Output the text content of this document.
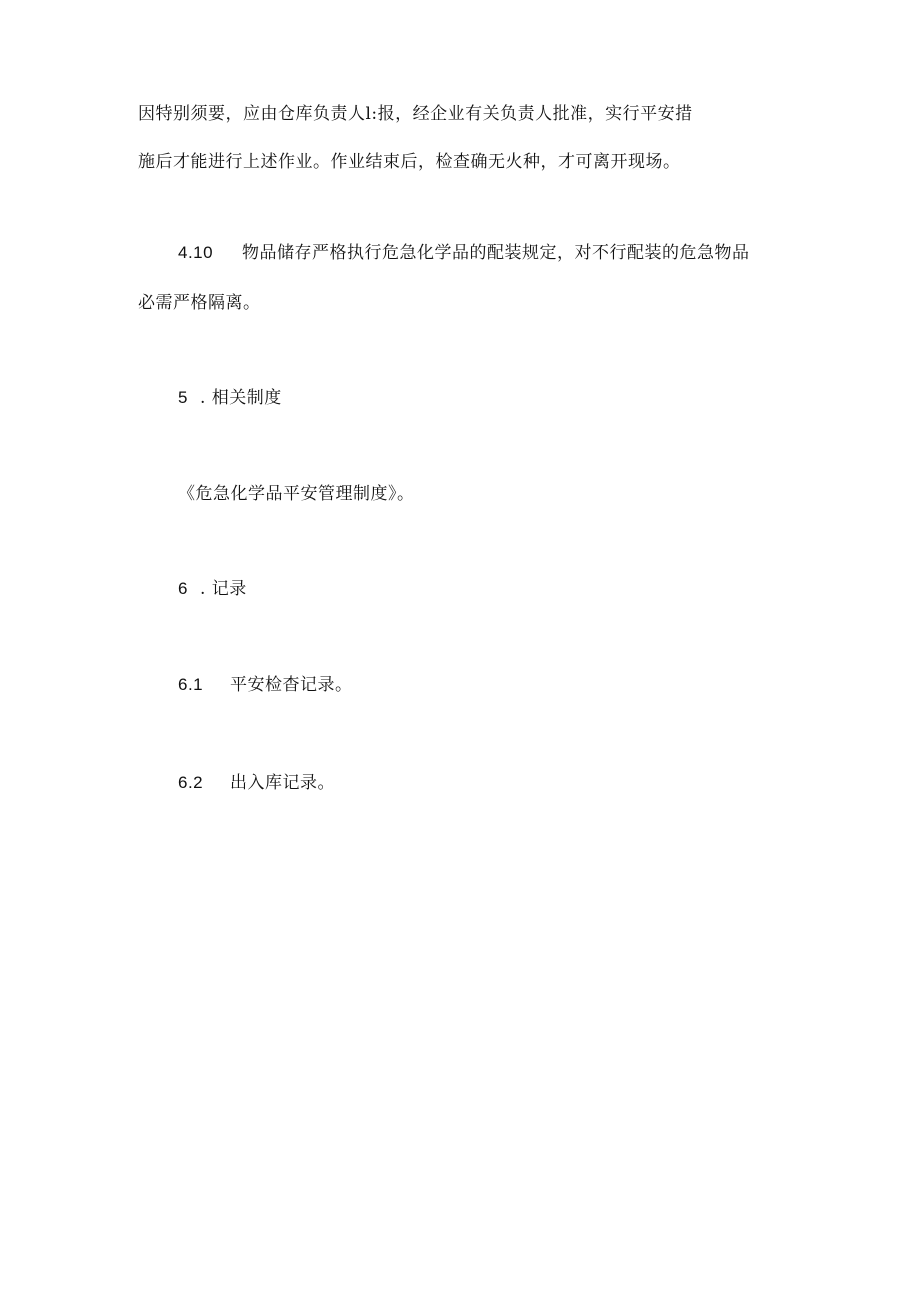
因特别须要，应由仓库负责人l:报，经企业有关负责人批准，实行平安措
施后才能进行上述作业。作业结束后，检查确无火种，才可离开现场。
4.10 物品储存严格执行危急化学品的配装规定，对不行配装的危急物品
必需严格隔离。
5 . 相关制度
《危急化学品平安管理制度》。
6 . 记录
6.1 平安检杳记录。
6.2 出入库记录。
